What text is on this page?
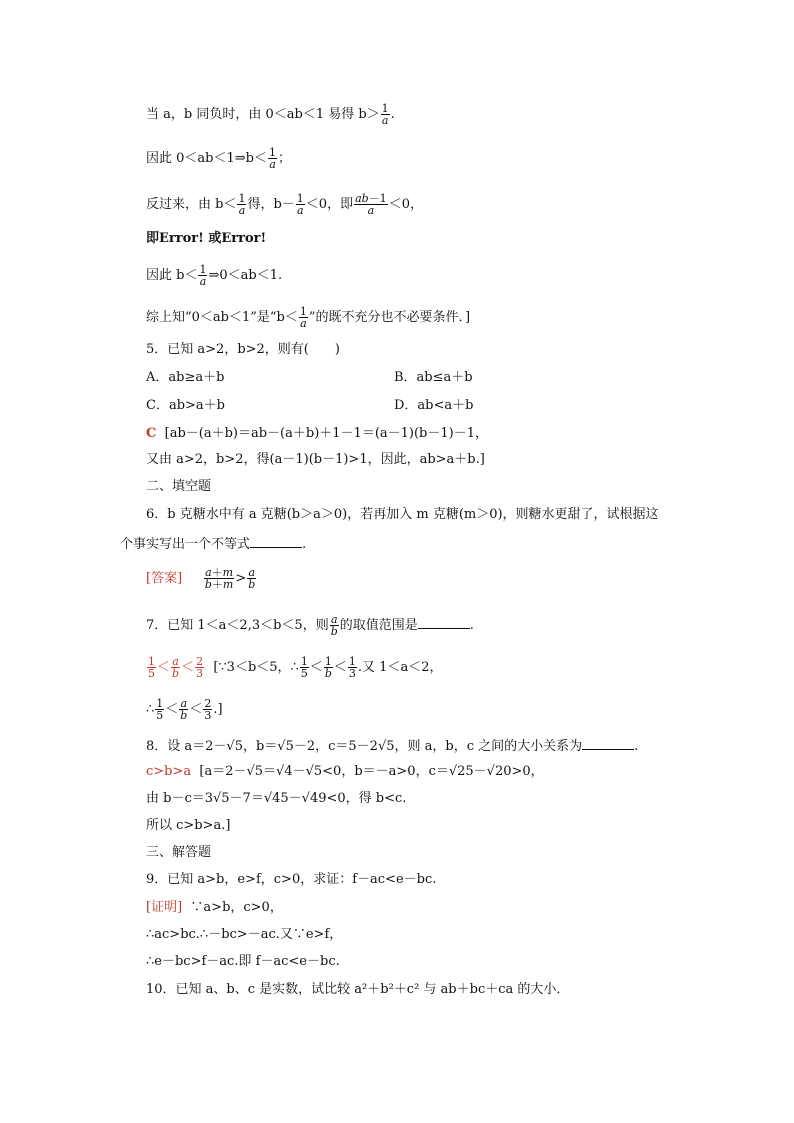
当 a，b 同负时，由 0＜ab＜1 易得 $b> \frac{1}{a}$ .
因此 0＜ab＜1⇒b＜ $\frac{1}{a}$ ；
反过来，由 $b< \frac{1}{a}$ 得，$b- \frac{1}{a} <0$，即 $\frac{ab-1}{a} <0$，
即Error! 或Error!
因此 $b< \frac{1}{a}$ ⇒0＜ab＜1.
综上知“0＜ab＜1”是“$b< \frac{1}{a}$ ”的既不充分也不必要条件．]
5．已知 a>2，b>2，则有(　　)
A．ab≥a＋b	B．ab≤a＋b
C．ab>a＋b	D．ab<a＋b
C [ab－(a＋b)＝ab－(a＋b)＋1－1＝(a－1)(b－1)－1，
又由 a>2，b>2，得(a－1)(b－1)>1，因此，ab>a＋b.]
二、填空题
6．b 克糖水中有 a 克糖(b＞a＞0)，若再加入 m 克糖(m＞0)，则糖水更甜了，试根据这
个事实写出一个不等式	.
[答案] $\frac{a+m}{b+m} > \frac{a}{b}$
7．已知 1＜a＜2,3＜b＜5，则 $\frac{a}{b}$ 的取值范围是	.
$\frac{1}{5} < \frac{a}{b} < \frac{2}{3}$ [∵3＜b＜5，∴ $\frac{1}{5} < \frac{1}{b} < \frac{1}{3}$ .又 1＜a＜2，
∴ $\frac{1}{5} < \frac{a}{b} < \frac{2}{3}$ .]
8．设 a＝2－√5，b＝√5－2，c＝5－2√5，则 a，b，c 之间的大小关系为	.
c>b>a [a＝2－√5＝√4－√5<0，b＝－a>0，c＝√25－√20>0，
由 b－c＝3√5－7＝√45－√49<0，得 b<c.
所以 c>b>a.]
三、解答题
9．已知 a>b，e>f，c>0，求证：f－ac<e－bc.
[证明] ∵a>b，c>0，
∴ac>bc.∴－bc>－ac.又∵e>f，
∴e－bc>f－ac.即 f－ac<e－bc.
10．已知 a、b、c 是实数，试比较 a²＋b²＋c² 与 ab＋bc＋ca 的大小．
